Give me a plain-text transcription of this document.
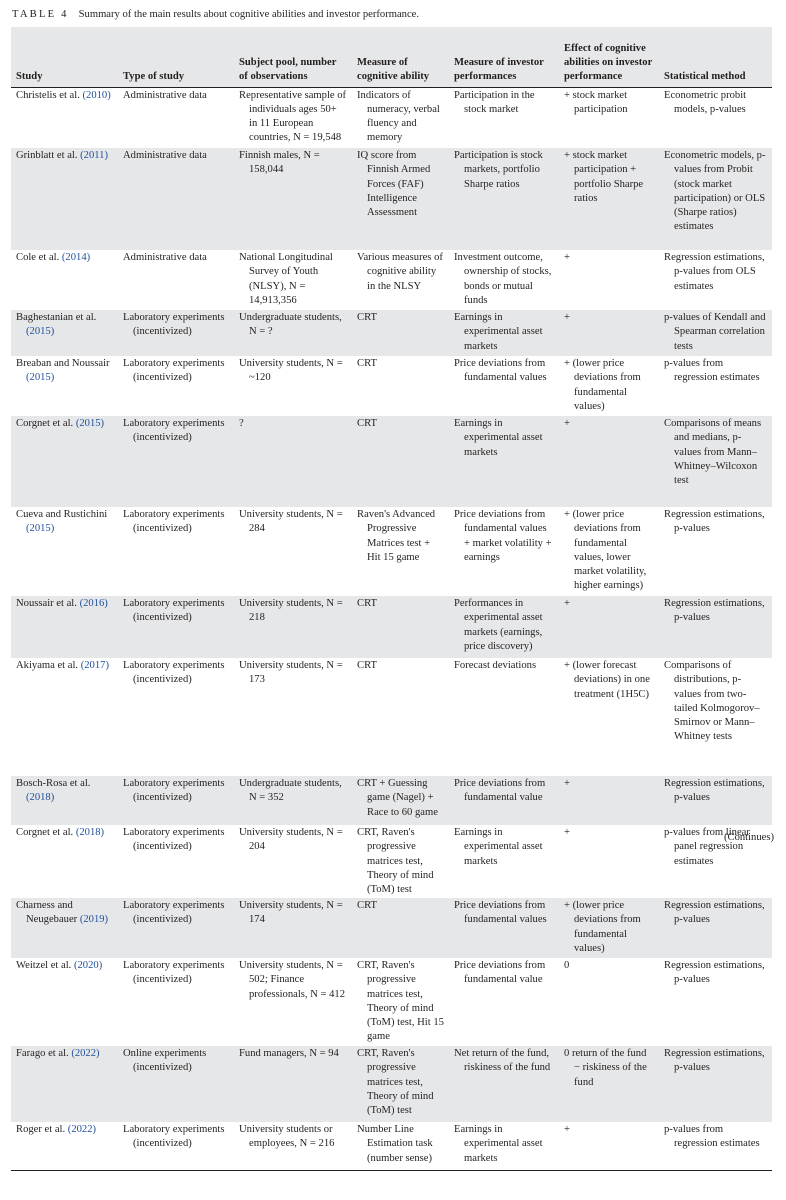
TABLE 4 Summary of the main results about cognitive abilities and investor performance.
Study	Type of study	Subject pool, number of observations	Measure of cognitive ability	Measure of investor performances	Effect of cognitive abilities on investor performance	Statistical method

Christelis et al. (2010)	Administrative data	Representative sample of individuals ages 50+ in 11 European countries, N = 19,548	Indicators of numeracy, verbal fluency and memory	Participation in the stock market	+ stock market participation	Econometric probit models, p-values

Grinblatt et al. (2011)	Administrative data	Finnish males, N = 158,044	IQ score from Finnish Armed Forces (FAF) Intelligence Assessment	Participation is stock markets, portfolio Sharpe ratios	+ stock market participation + portfolio Sharpe ratios	Econometric models, p-values from Probit (stock market participation) or OLS (Sharpe ratios) estimates

Cole et al. (2014)	Administrative data	National Longitudinal Survey of Youth (NLSY), N = 14,913,356	Various measures of cognitive ability in the NLSY	Investment outcome, ownership of stocks, bonds or mutual funds	+	Regression estimations, p-values from OLS estimates

Baghestanian et al. (2015)	Laboratory experiments (incentivized)	Undergraduate students, N = ?	CRT	Earnings in experimental asset markets	+	p-values of Kendall and Spearman correlation tests

Breaban and Noussair (2015)	Laboratory experiments (incentivized)	University students, N = ~120	CRT	Price deviations from fundamental values	+ (lower price deviations from fundamental values)	p-values from regression estimates

Corgnet et al. (2015)	Laboratory experiments (incentivized)	?	CRT	Earnings in experimental asset markets	+	Comparisons of means and medians, p-values from Mann–Whitney–Wilcoxon test

Cueva and Rustichini (2015)	Laboratory experiments (incentivized)	University students, N = 284	Raven's Advanced Progressive Matrices test + Hit 15 game	Price deviations from fundamental values + market volatility + earnings	+ (lower price deviations from fundamental values, lower market volatility, higher earnings)	Regression estimations, p-values

Noussair et al. (2016)	Laboratory experiments (incentivized)	University students, N = 218	CRT	Performances in experimental asset markets (earnings, price discovery)	+	Regression estimations, p-values

Akiyama et al. (2017)	Laboratory experiments (incentivized)	University students, N = 173	CRT	Forecast deviations	+ (lower forecast deviations) in one treatment (1H5C)	Comparisons of distributions, p-values from two-tailed Kolmogorov–Smirnov or Mann–Whitney tests

Bosch-Rosa et al. (2018)	Laboratory experiments (incentivized)	Undergraduate students, N = 352	CRT + Guessing game (Nagel) + Race to 60 game	Price deviations from fundamental value	+	Regression estimations, p-values

Corgnet et al. (2018)	Laboratory experiments (incentivized)	University students, N = 204	CRT, Raven's progressive matrices test, Theory of mind (ToM) test	Earnings in experimental asset markets	+	p-values from linear panel regression estimates

Charness and Neugebauer (2019)	Laboratory experiments (incentivized)	University students, N = 174	CRT	Price deviations from fundamental values	+ (lower price deviations from fundamental values)	Regression estimations, p-values

Weitzel et al. (2020)	Laboratory experiments (incentivized)	University students, N = 502; Finance professionals, N = 412	CRT, Raven's progressive matrices test, Theory of mind (ToM) test, Hit 15 game	Price deviations from fundamental value	0	Regression estimations, p-values

Farago et al. (2022)	Online experiments (incentivized)	Fund managers, N = 94	CRT, Raven's progressive matrices test, Theory of mind (ToM) test	Net return of the fund, riskiness of the fund	0 return of the fund − riskiness of the fund	Regression estimations, p-values

Roger et al. (2022)	Laboratory experiments (incentivized)	University students or employees, N = 216	Number Line Estimation task (number sense)	Earnings in experimental asset markets	+	p-values from regression estimates
(Continues)
